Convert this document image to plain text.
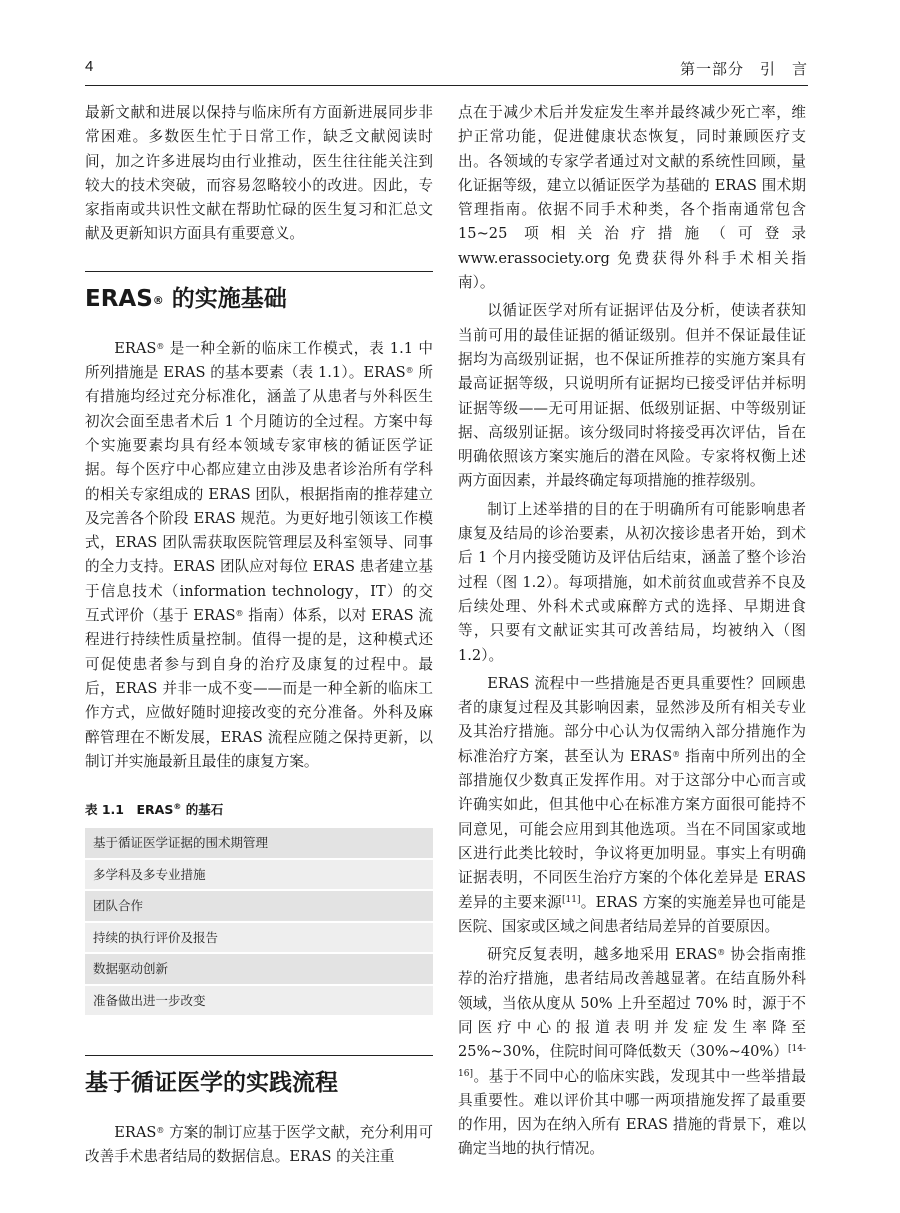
4	第一部分　引　言

最新文献和进展以保持与临床所有方面新进展同步非常困难。多数医生忙于日常工作，缺乏文献阅读时间，加之许多进展均由行业推动，医生往往能关注到较大的技术突破，而容易忽略较小的改进。因此，专家指南或共识性文献在帮助忙碌的医生复习和汇总文献及更新知识方面具有重要意义。

ERAS® 的实施基础

ERAS® 是一种全新的临床工作模式，表 1.1 中所列措施是 ERAS 的基本要素（表 1.1）。ERAS® 所有措施均经过充分标准化，涵盖了从患者与外科医生初次会面至患者术后 1 个月随访的全过程。方案中每个实施要素均具有经本领域专家审核的循证医学证据。每个医疗中心都应建立由涉及患者诊治所有学科的相关专家组成的 ERAS 团队，根据指南的推荐建立及完善各个阶段 ERAS 规范。为更好地引领该工作模式，ERAS 团队需获取医院管理层及科室领导、同事的全力支持。ERAS 团队应对每位 ERAS 患者建立基于信息技术（information technology，IT）的交互式评价（基于 ERAS® 指南）体系，以对 ERAS 流程进行持续性质量控制。值得一提的是，这种模式还可促使患者参与到自身的治疗及康复的过程中。最后，ERAS 并非一成不变——而是一种全新的临床工作方式，应做好随时迎接改变的充分准备。外科及麻醉管理在不断发展，ERAS 流程应随之保持更新，以制订并实施最新且最佳的康复方案。

表 1.1　ERAS® 的基石
基于循证医学证据的围术期管理
多学科及多专业措施
团队合作
持续的执行评价及报告
数据驱动创新
准备做出进一步改变
基于循证医学的实践流程

ERAS® 方案的制订应基于医学文献，充分利用可改善手术患者结局的数据信息。ERAS 的关注重

点在于减少术后并发症发生率并最终减少死亡率，维护正常功能，促进健康状态恢复，同时兼顾医疗支出。各领域的专家学者通过对文献的系统性回顾，量化证据等级，建立以循证医学为基础的 ERAS 围术期管理指南。依据不同手术种类，各个指南通常包含 15~25 项相关治疗措施（可登录 www.erassociety.org 免费获得外科手术相关指南）。

以循证医学对所有证据评估及分析，使读者获知当前可用的最佳证据的循证级别。但并不保证最佳证据均为高级别证据，也不保证所推荐的实施方案具有最高证据等级，只说明所有证据均已接受评估并标明证据等级——无可用证据、低级别证据、中等级别证据、高级别证据。该分级同时将接受再次评估，旨在明确依照该方案实施后的潜在风险。专家将权衡上述两方面因素，并最终确定每项措施的推荐级别。

制订上述举措的目的在于明确所有可能影响患者康复及结局的诊治要素，从初次接诊患者开始，到术后 1 个月内接受随访及评估后结束，涵盖了整个诊治过程（图 1.2）。每项措施，如术前贫血或营养不良及后续处理、外科术式或麻醉方式的选择、早期进食等，只要有文献证实其可改善结局，均被纳入（图 1.2）。

ERAS 流程中一些措施是否更具重要性？回顾患者的康复过程及其影响因素，显然涉及所有相关专业及其治疗措施。部分中心认为仅需纳入部分措施作为标准治疗方案，甚至认为 ERAS® 指南中所列出的全部措施仅少数真正发挥作用。对于这部分中心而言或许确实如此，但其他中心在标准方案方面很可能持不同意见，可能会应用到其他选项。当在不同国家或地区进行此类比较时，争议将更加明显。事实上有明确证据表明，不同医生治疗方案的个体化差异是 ERAS 差异的主要来源[11]。ERAS 方案的实施差异也可能是医院、国家或区域之间患者结局差异的首要原因。

研究反复表明，越多地采用 ERAS® 协会指南推荐的治疗措施，患者结局改善越显著。在结直肠外科领域，当依从度从 50% 上升至超过 70% 时，源于不同医疗中心的报道表明并发症发生率降至 25%~30%，住院时间可降低数天（30%~40%）[14-16]。基于不同中心的临床实践，发现其中一些举措最具重要性。难以评价其中哪一两项措施发挥了最重要的作用，因为在纳入所有 ERAS 措施的背景下，难以确定当地的执行情况。
